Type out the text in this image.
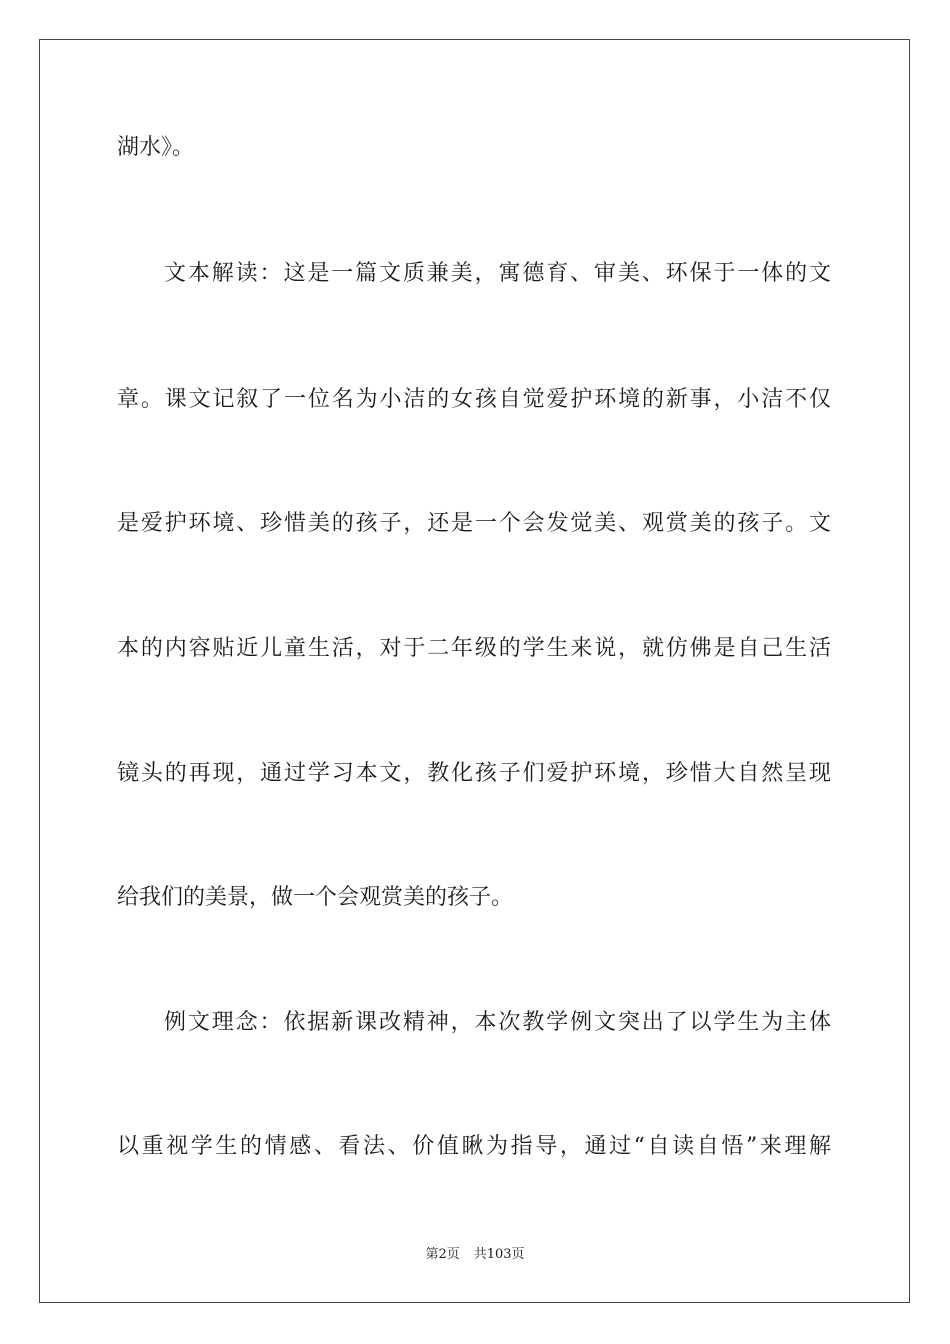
湖水》。
文本解读：这是一篇文质兼美，寓德育、审美、环保于一体的文
章。课文记叙了一位名为小洁的女孩自觉爱护环境的新事，小洁不仅
是爱护环境、珍惜美的孩子，还是一个会发觉美、观赏美的孩子。文
本的内容贴近儿童生活，对于二年级的学生来说，就仿佛是自己生活
镜头的再现，通过学习本文，教化孩子们爱护环境，珍惜大自然呈现
给我们的美景，做一个会观赏美的孩子。
例文理念：依据新课改精神，本次教学例文突出了以学生为主体
以重视学生的情感、看法、价值瞅为指导，通过“自读自悟”来理解
第2页 共103页
